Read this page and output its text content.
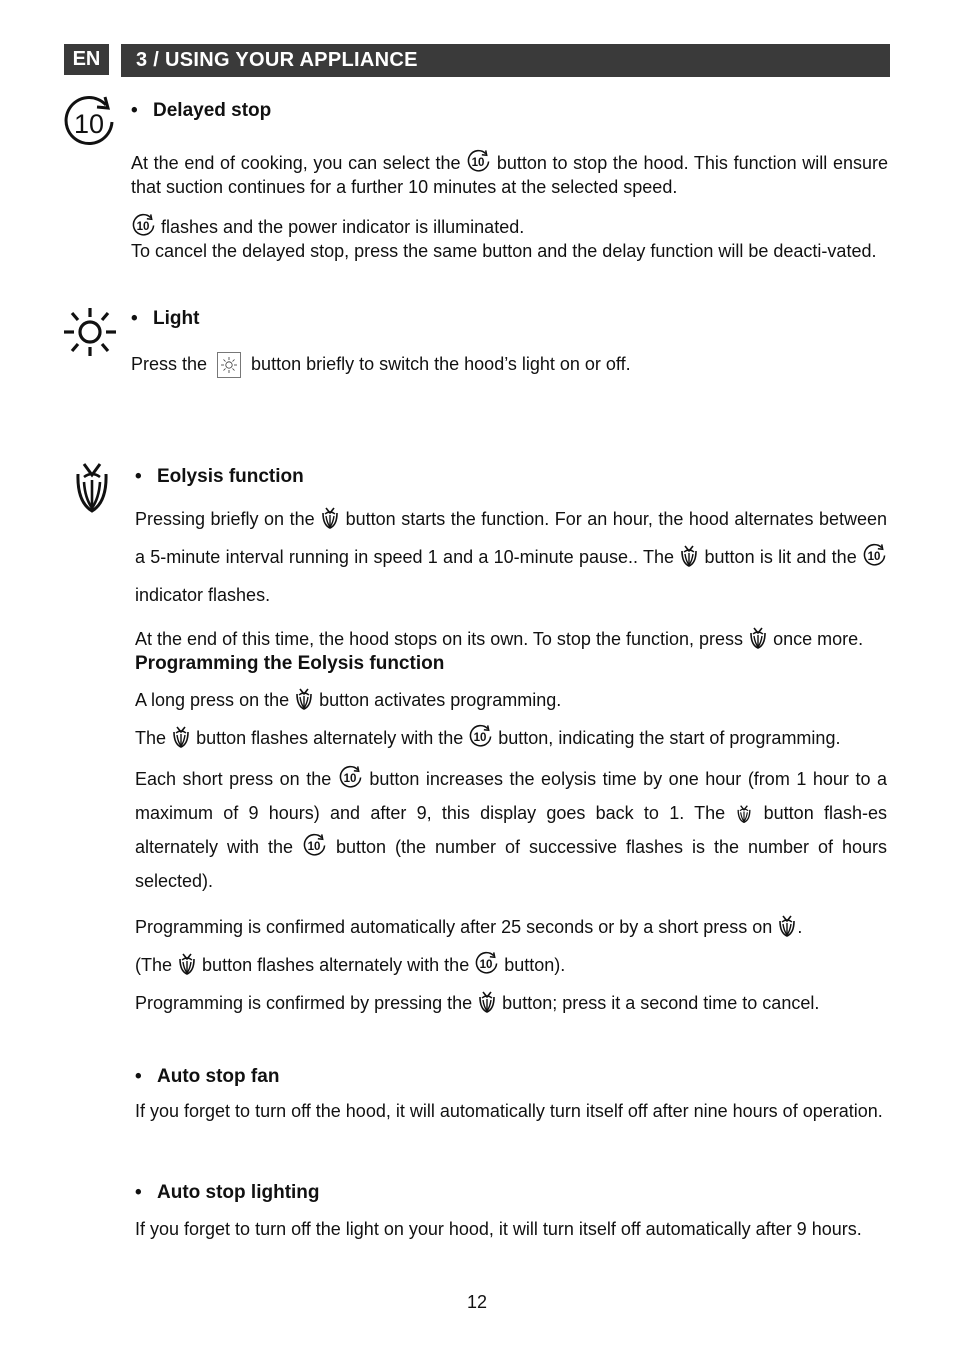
EN	3 / USING YOUR APPLIANCE
10 • Delayed stop

At the end of cooking, you can select the button to stop the hood. This function will ensure that suction continues for a further 10 minutes at the selected speed.

flashes and the power indicator is illuminated.
To cancel the delayed stop, press the same button and the delay function will be deacti-vated.

• Light

Press the button briefly to switch the hood’s light on or off.

• Eolysis function

Pressing briefly on the button starts the function. For an hour, the hood alternates between a 5-minute interval running in speed 1 and a 10-minute pause.. The button is lit and the  indicator flashes.

At the end of this time, the hood stops on its own. To stop the function, press once more.

Programming the Eolysis function

A long press on the button activates programming.

The button flashes alternately with the button, indicating the start of programming.

Each short press on the button increases the eolysis time by one hour (from 1 hour to a maximum of 9 hours) and after 9, this display goes back to 1. The button flash-es alternately with the button (the number of successive flashes is the number of hours selected).

Programming is confirmed automatically after 25 seconds or by a short press on .
(The button flashes alternately with the button).
Programming is confirmed by pressing the button; press it a second time to cancel.

• Auto stop fan

If you forget to turn off the hood, it will automatically turn itself off after nine hours of operation.

• Auto stop lighting

If you forget to turn off the light on your hood, it will turn itself off automatically after 9 hours.

12
